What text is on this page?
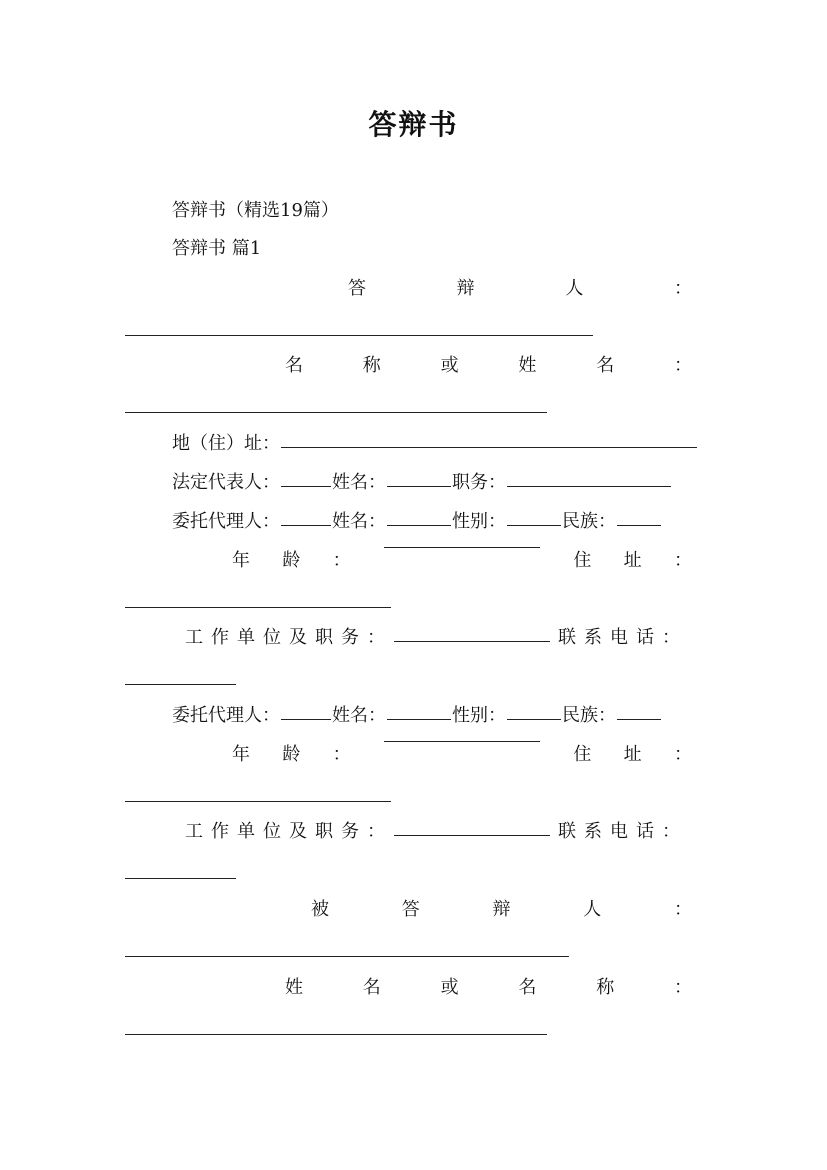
答辩书
答辩书（精选19篇）
答辩书 篇1
答	辩	人	：
名	称	或	姓	名	：
地（住）址：
法定代表人：	姓名：	职务：
委托代理人：	姓名：	性别：	民族：
年 龄 ：	住 址 ：
工作单位及职务：	联系电话：
委托代理人：	姓名：	性别：	民族：
年 龄 ：	住 址 ：
工作单位及职务：	联系电话：
被	答	辩	人	：
姓	名	或	名	称	：
